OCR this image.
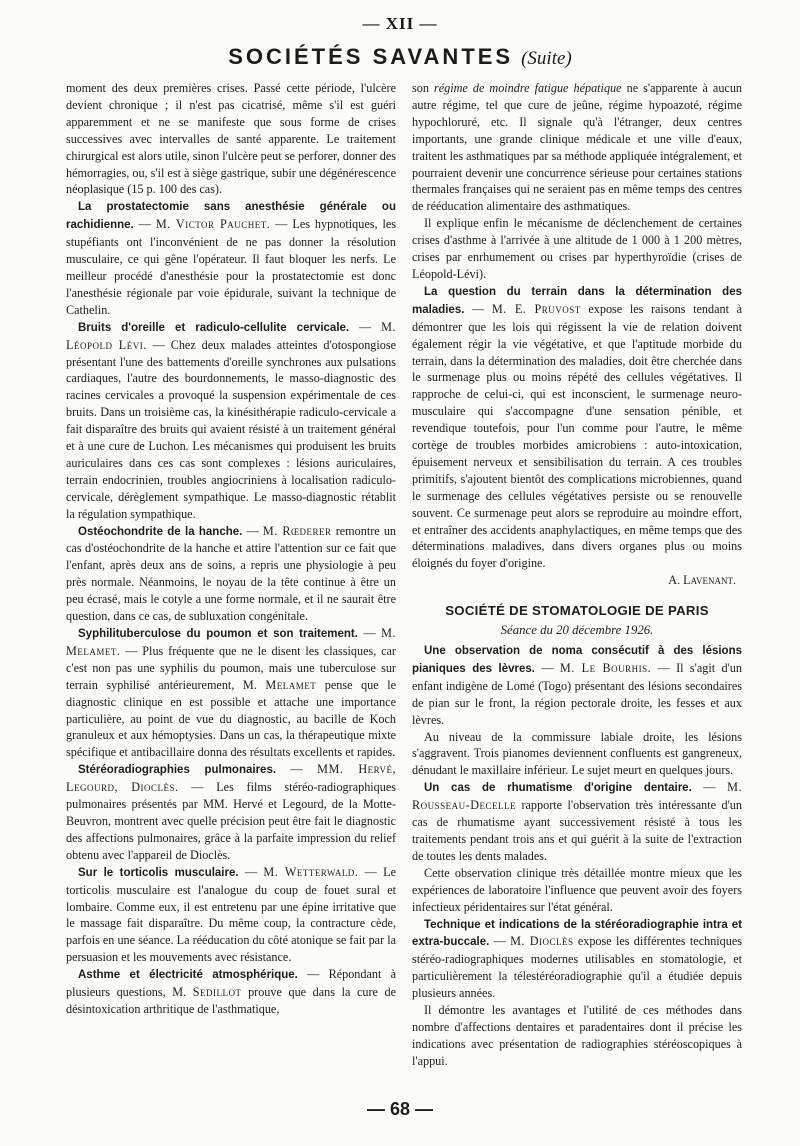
— XII —
SOCIÉTÉS SAVANTES (Suite)

moment des deux premières crises. Passé cette période, l'ulcère devient chronique ; il n'est pas cicatrisé, même s'il est guéri apparemment et ne se manifeste que sous forme de crises successives avec intervalles de santé apparente. Le traitement chirurgical est alors utile, sinon l'ulcère peut se perforer, donner des hémorragies, ou, s'il est à siège gastrique, subir une dégénérescence néoplasique (15 p. 100 des cas).

La prostatectomie sans anesthésie générale ou rachidienne. — M. Victor Pauchet. — Les hypnotiques, les stupéfiants ont l'inconvénient de ne pas donner la résolution musculaire, ce qui gêne l'opérateur. Il faut bloquer les nerfs. Le meilleur procédé d'anesthésie pour la prostatectomie est donc l'anesthésie régionale par voie épidurale, suivant la technique de Cathelin.

Bruits d'oreille et radiculo-cellulite cervicale. — M. Léopold Lévi. — Chez deux malades atteintes d'otospongiose présentant l'une des battements d'oreille synchrones aux pulsations cardiaques, l'autre des bourdonnements, le masso-diagnostic des racines cervicales a provoqué la suspension expérimentale de ces bruits. Dans un troisième cas, la kinésithérapie radiculo-cervicale a fait disparaître des bruits qui avaient résisté à un traitement général et à une cure de Luchon. Les mécanismes qui produisent les bruits auriculaires dans ces cas sont complexes : lésions auriculaires, terrain endocrinien, troubles angiocriniens à localisation radiculo-cervicale, dérèglement sympathique. Le masso-diagnostic rétablit la régulation sympathique.

Ostéochondrite de la hanche. — M. Rœderer remontre un cas d'ostéochondrite de la hanche et attire l'attention sur ce fait que l'enfant, après deux ans de soins, a repris une physiologie à peu près normale. Néanmoins, le noyau de la tête continue à être un peu écrasé, mais le cotyle a une forme normale, et il ne saurait être question, dans ce cas, de subluxation congénitale.

Syphilituberculose du poumon et son traitement. — M. Melamet. — Plus fréquente que ne le disent les classiques, car c'est non pas une syphilis du poumon, mais une tuberculose sur terrain syphilisé antérieurement, M. Melamet pense que le diagnostic clinique en est possible et attache une importance particulière, au point de vue du diagnostic, au bacille de Koch granuleux et aux hémoptysies. Dans un cas, la thérapeutique mixte spécifique et antibacillaire donna des résultats excellents et rapides.

Stéréoradiographies pulmonaires. — MM. Hervé, Legourd, Dioclès. — Les films stéréo-radiographiques pulmonaires présentés par MM. Hervé et Legourd, de la Motte-Beuvron, montrent avec quelle précision peut être fait le diagnostic des affections pulmonaires, grâce à la parfaite impression du relief obtenu avec l'appareil de Dioclès.

Sur le torticolis musculaire. — M. Wetterwald. — Le torticolis musculaire est l'analogue du coup de fouet sural et lombaire. Comme eux, il est entretenu par une épine irritative que le massage fait disparaître. Du même coup, la contracture cède, parfois en une séance. La rééducation du côté atonique se fait par la persuasion et les mouvements avec résistance.

Asthme et électricité atmosphérique. — Répondant à plusieurs questions, M. Sedillot prouve que dans la cure de désintoxication arthritique de l'asthmatique,

son régime de moindre fatigue hépatique ne s'apparente à aucun autre régime, tel que cure de jeûne, régime hypoazoté, régime hypochloruré, etc. Il signale qu'à l'étranger, deux centres importants, une grande clinique médicale et une ville d'eaux, traitent les asthmatiques par sa méthode appliquée intégralement, et pourraient devenir une concurrence sérieuse pour certaines stations thermales françaises qui ne seraient pas en même temps des centres de rééducation alimentaire des asthmatiques.

Il explique enfin le mécanisme de déclenchement de certaines crises d'asthme à l'arrivée à une altitude de 1 000 à 1 200 mètres, crises par enrhumement ou crises par hyperthyroïdie (crises de Léopold-Lévi).

La question du terrain dans la détermination des maladies. — M. E. Pruvost expose les raisons tendant à démontrer que les lois qui régissent la vie de relation doivent également régir la vie végétative, et que l'aptitude morbide du terrain, dans la détermination des maladies, doit être cherchée dans le surmenage plus ou moins répété des cellules végétatives. Il rapproche de celui-ci, qui est inconscient, le surmenage neuro-musculaire qui s'accompagne d'une sensation pénible, et revendique toutefois, pour l'un comme pour l'autre, le même cortège de troubles morbides amicrobiens : auto-intoxication, épuisement nerveux et sensibilisation du terrain. A ces troubles primitifs, s'ajoutent bientôt des complications microbiennes, quand le surmenage des cellules végétatives persiste ou se renouvelle souvent. Ce surmenage peut alors se reproduire au moindre effort, et entraîner des accidents anaphylactiques, en même temps que des déterminations maladives, dans divers organes plus ou moins éloignés du foyer d'origine.

A. Lavenant.

SOCIÉTÉ DE STOMATOLOGIE DE PARIS
Séance du 20 décembre 1926.

Une observation de noma consécutif à des lésions pianiques des lèvres. — M. Le Bourhis. — Il s'agit d'un enfant indigène de Lomé (Togo) présentant des lésions secondaires de pian sur le front, la région pectorale droite, les fesses et aux lèvres.

Au niveau de la commissure labiale droite, les lésions s'aggravent. Trois pianomes deviennent confluents est gangreneux, dénudant le maxillaire inférieur. Le sujet meurt en quelques jours.

Un cas de rhumatisme d'origine dentaire. — M. Rousseau-Decelle rapporte l'observation très intéressante d'un cas de rhumatisme ayant successivement résisté à tous les traitements pendant trois ans et qui guérit à la suite de l'extraction de toutes les dents malades.

Cette observation clinique très détaillée montre mieux que les expériences de laboratoire l'influence que peuvent avoir des foyers infectieux péridentaires sur l'état général.

Technique et indications de la stéréoradiographie intra et extra-buccale. — M. Dioclès expose les différentes techniques stéréo-radiographiques modernes utilisables en stomatologie, et particulièrement la télestéréoradiographie qu'il a étudiée depuis plusieurs années.

Il démontre les avantages et l'utilité de ces méthodes dans nombre d'affections dentaires et paradentaires dont il précise les indications avec présentation de radiographies stéréoscopiques à l'appui.

— 68 —
